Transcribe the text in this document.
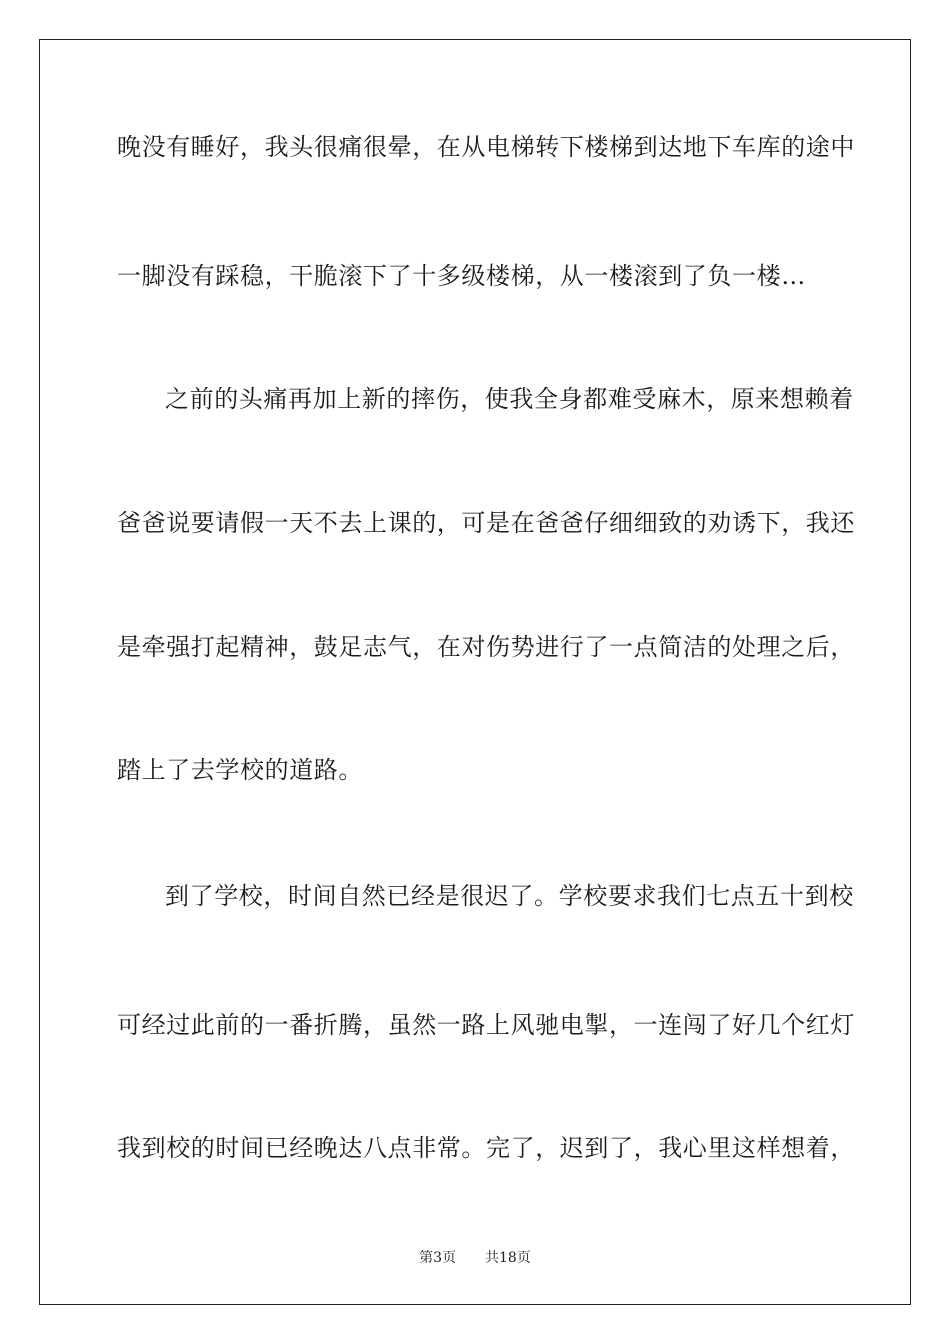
晚没有睡好，我头很痛很晕，在从电梯转下楼梯到达地下车库的途中
一脚没有踩稳，干脆滚下了十多级楼梯，从一楼滚到了负一楼…
之前的头痛再加上新的摔伤，使我全身都难受麻木，原来想赖着
爸爸说要请假一天不去上课的，可是在爸爸仔细细致的劝诱下，我还
是牵强打起精神，鼓足志气，在对伤势进行了一点简洁的处理之后，
踏上了去学校的道路。
到了学校，时间自然已经是很迟了。学校要求我们七点五十到校
可经过此前的一番折腾，虽然一路上风驰电掣，一连闯了好几个红灯
我到校的时间已经晚达八点非常。完了，迟到了，我心里这样想着，
第3页 共18页
